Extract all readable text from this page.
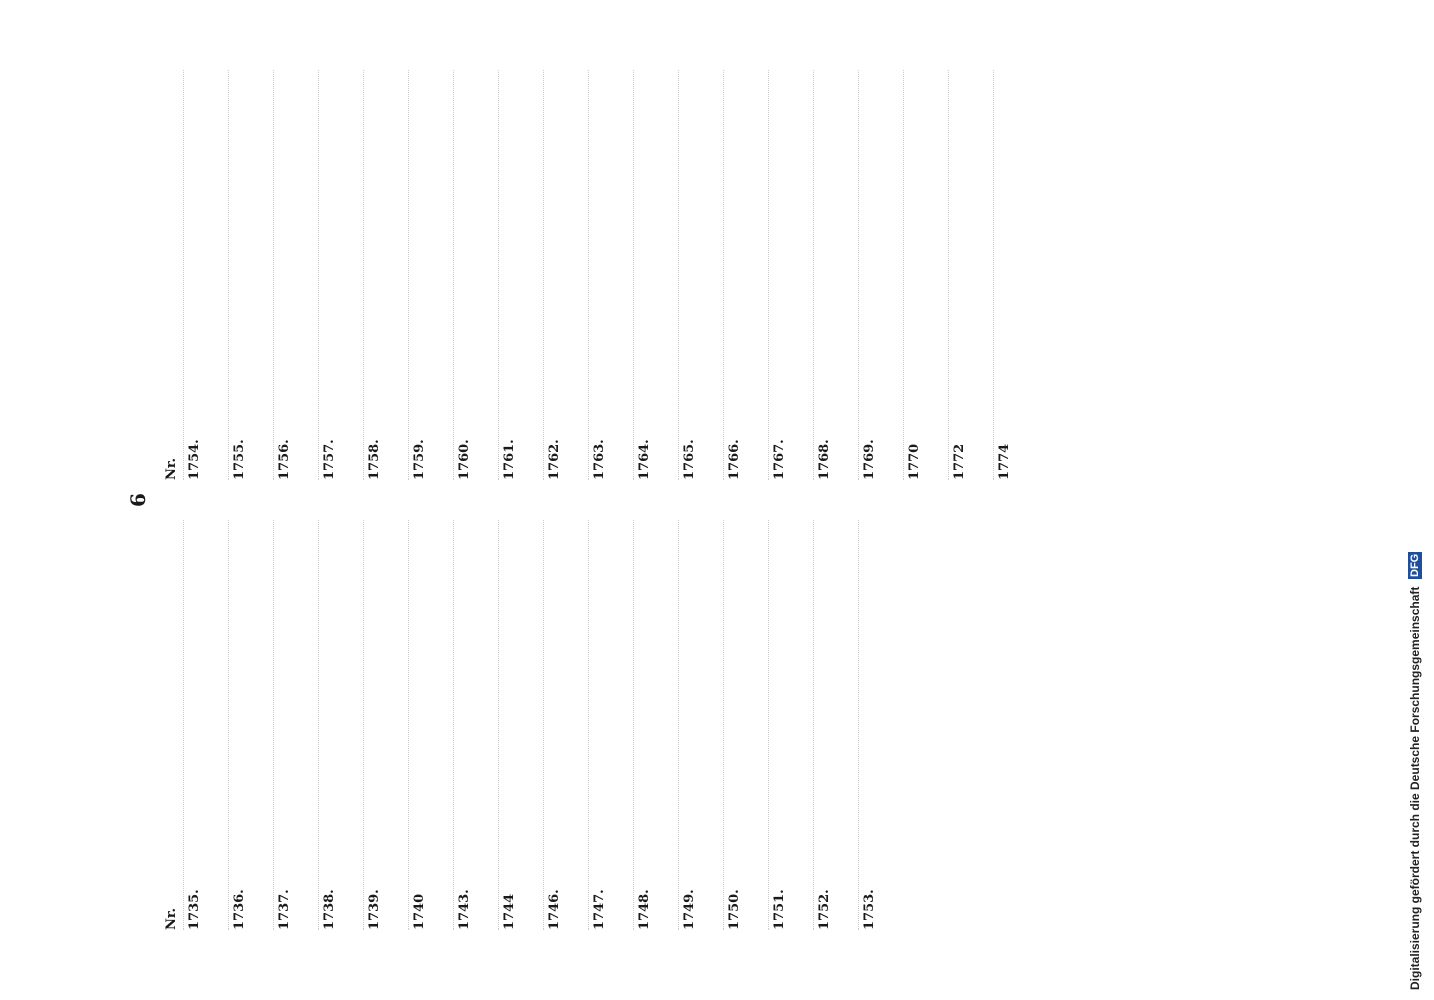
6
Nr. 1735. 1736. 1737. 1738. 1739. 1740 1743. 1744 1746. 1747. 1748. 1749. 1750. 1751. 1752. 1753.
Nr. 1754. 1755. 1756. 1757. 1758. 1759. 1760. 1761. 1762. 1763. 1764. 1765. 1766. 1767. 1768. 1769. 1770 1772 1774
Digitalisierung gefördert durch die Deutsche Forschungsgemeinschaft DFG
